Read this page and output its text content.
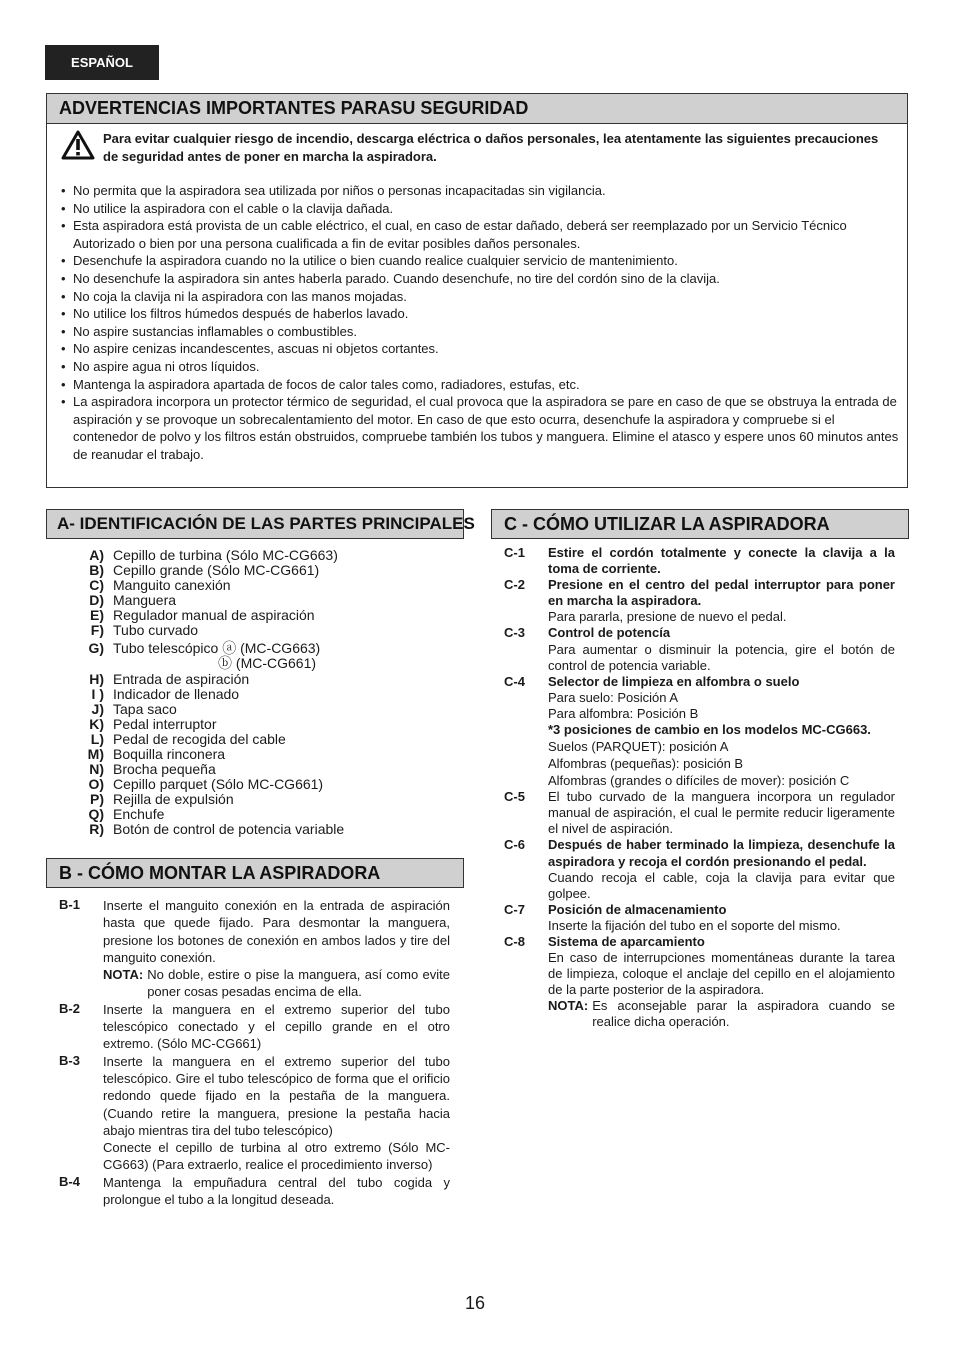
ESPAÑOL
ADVERTENCIAS IMPORTANTES PARASU SEGURIDAD
Para evitar cualquier riesgo de incendio, descarga eléctrica o daños personales, lea atentamente las siguientes precauciones de seguridad antes de poner en marcha la aspiradora.
• No permita que la aspiradora sea utilizada por niños o personas incapacitadas sin vigilancia.
• No utilice la aspiradora con el cable o la clavija dañada.
• Esta aspiradora está provista de un cable eléctrico, el cual, en caso de estar dañado, deberá ser reemplazado por un Servicio Técnico Autorizado o bien por una persona cualificada a fin de evitar posibles daños personales.
• Desenchufe la aspiradora cuando no la utilice o bien cuando realice cualquier servicio de mantenimiento.
• No desenchufe la aspiradora sin antes haberla parado. Cuando desenchufe, no tire del cordón sino de la clavija.
• No coja la clavija ni la aspiradora con las manos mojadas.
• No utilice los filtros húmedos después de haberlos lavado.
• No aspire sustancias inflamables o combustibles.
• No aspire cenizas incandescentes, ascuas ni objetos cortantes.
• No aspire agua ni otros líquidos.
• Mantenga la aspiradora apartada de focos de calor tales como, radiadores, estufas, etc.
• La aspiradora incorpora un protector térmico de seguridad, el cual provoca que la aspiradora se pare en caso de que se obstruya la entrada de aspiración y se provoque un sobrecalentamiento del motor. En caso de que esto ocurra, desenchufe la aspiradora y compruebe si el contenedor de polvo y los filtros están obstruidos, compruebe también los tubos y manguera. Elimine el atasco y espere unos 60 minutos antes de reanudar el trabajo.
A- IDENTIFICACIÓN DE LAS PARTES PRINCIPALES
A) Cepillo de turbina (Sólo MC-CG663)
B) Cepillo grande (Sólo MC-CG661)
C) Manguito canexión
D) Manguera
E) Regulador manual de aspiración
F) Tubo curvado
G) Tubo telescópico ⓐ (MC-CG663)
ⓑ (MC-CG661)
H) Entrada de aspiración
I ) Indicador de llenado
J) Tapa saco
K) Pedal interruptor
L) Pedal de recogida del cable
M) Boquilla rinconera
N) Brocha pequeña
O) Cepillo parquet (Sólo MC-CG661)
P) Rejilla de expulsión
Q) Enchufe
R) Botón de control de potencia variable
B - CÓMO MONTAR LA ASPIRADORA
B-1	Inserte el manguito conexión en la entrada de aspiración hasta que quede fijado. Para desmontar la manguera, presione los botones de conexión en ambos lados y tire del manguito conexión.
NOTA: No doble, estire o pise la manguera, así como evite poner cosas pesadas encima de ella.
B-2	Inserte la manguera en el extremo superior del tubo telescópico conectado y el cepillo grande en el otro extremo. (Sólo MC-CG661)
B-3	Inserte la manguera en el extremo superior del tubo telescópico. Gire el tubo telescópico de forma que el orificio redondo quede fijado en la pestaña de la manguera. (Cuando retire la manguera, presione la pestaña hacia abajo mientras tira del tubo telescópico)
Conecte el cepillo de turbina al otro extremo (Sólo MC-CG663) (Para extraerlo, realice el procedimiento inverso)
B-4	Mantenga la empuñadura central del tubo cogida y prolongue el tubo a la longitud deseada.
C - CÓMO UTILIZAR LA ASPIRADORA
C-1	Estire el cordón totalmente y conecte la clavija a la toma de corriente.
C-2	Presione en el centro del pedal interruptor para poner en marcha la aspiradora.
Para pararla, presione de nuevo el pedal.
C-3	Control de potencía
Para aumentar o disminuir la potencia, gire el botón de control de potencia variable.
C-4	Selector de limpieza en alfombra o suelo
Para suelo: Posición A
Para alfombra: Posición B
*3 posiciones de cambio en los modelos MC-CG663.
Suelos (PARQUET): posición A
Alfombras (pequeñas): posición B
Alfombras (grandes o difíciles de mover): posición C
C-5	El tubo curvado de la manguera incorpora un regulador manual de aspiración, el cual le permite reducir ligeramente el nivel de aspiración.
C-6	Después de haber terminado la limpieza, desenchufe la aspiradora y recoja el cordón presionando el pedal.
Cuando recoja el cable, coja la clavija para evitar que golpee.
C-7	Posición de almacenamiento
Inserte la fijación del tubo en el soporte del mismo.
C-8	Sistema de aparcamiento
En caso de interrupciones momentáneas durante la tarea de limpieza, coloque el anclaje del cepillo en el alojamiento de la parte posterior de la aspiradora.
NOTA: Es aconsejable parar la aspiradora cuando se realice dicha operación.
16
